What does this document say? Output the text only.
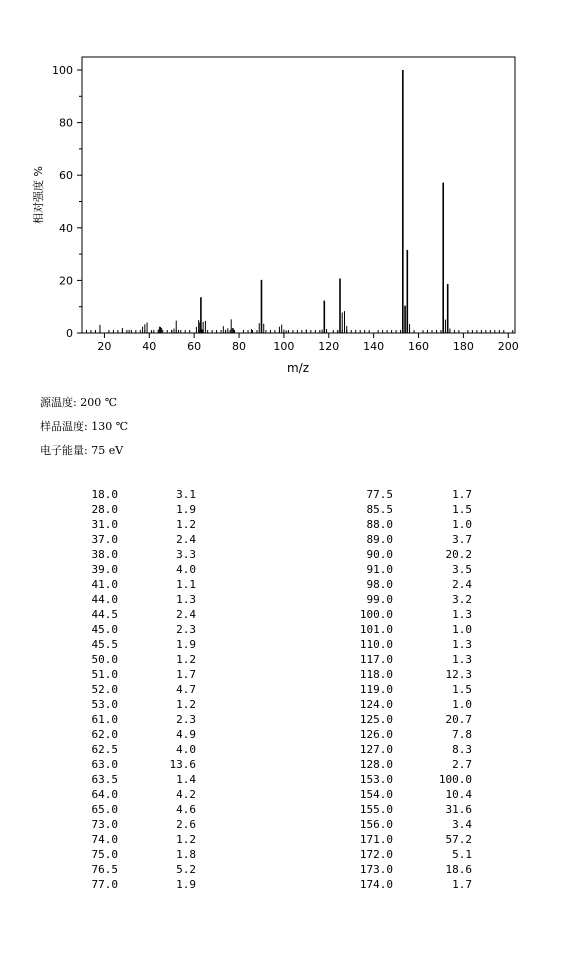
20	40	60	80 100 120 140 160 180 200
0
20
40
60
80
100
m/z
相对强度 %
源温度: 200 ℃
样品温度: 130 ℃
电子能量: 75 eV
18.0	3.1
28.0	1.9
31.0	1.2
37.0	2.4
38.0	3.3
39.0	4.0
41.0	1.1
44.0	1.3
44.5	2.4
45.0	2.3
45.5	1.9
50.0	1.2
51.0	1.7
52.0	4.7
53.0	1.2
61.0	2.3
62.0	4.9
62.5	4.0
63.0	13.6
63.5	1.4
64.0	4.2
65.0	4.6
73.0	2.6
74.0	1.2
75.0	1.8
76.5	5.2
77.0	1.9
77.5	1.7
85.5	1.5
88.0	1.0
89.0	3.7
90.0	20.2
91.0	3.5
98.0	2.4
99.0	3.2
100.0	1.3
101.0	1.0
110.0	1.3
117.0	1.3
118.0	12.3
119.0	1.5
124.0	1.0
125.0	20.7
126.0	7.8
127.0	8.3
128.0	2.7
153.0	100.0
154.0	10.4
155.0	31.6
156.0	3.4
171.0	57.2
172.0	5.1
173.0	18.6
174.0	1.7
